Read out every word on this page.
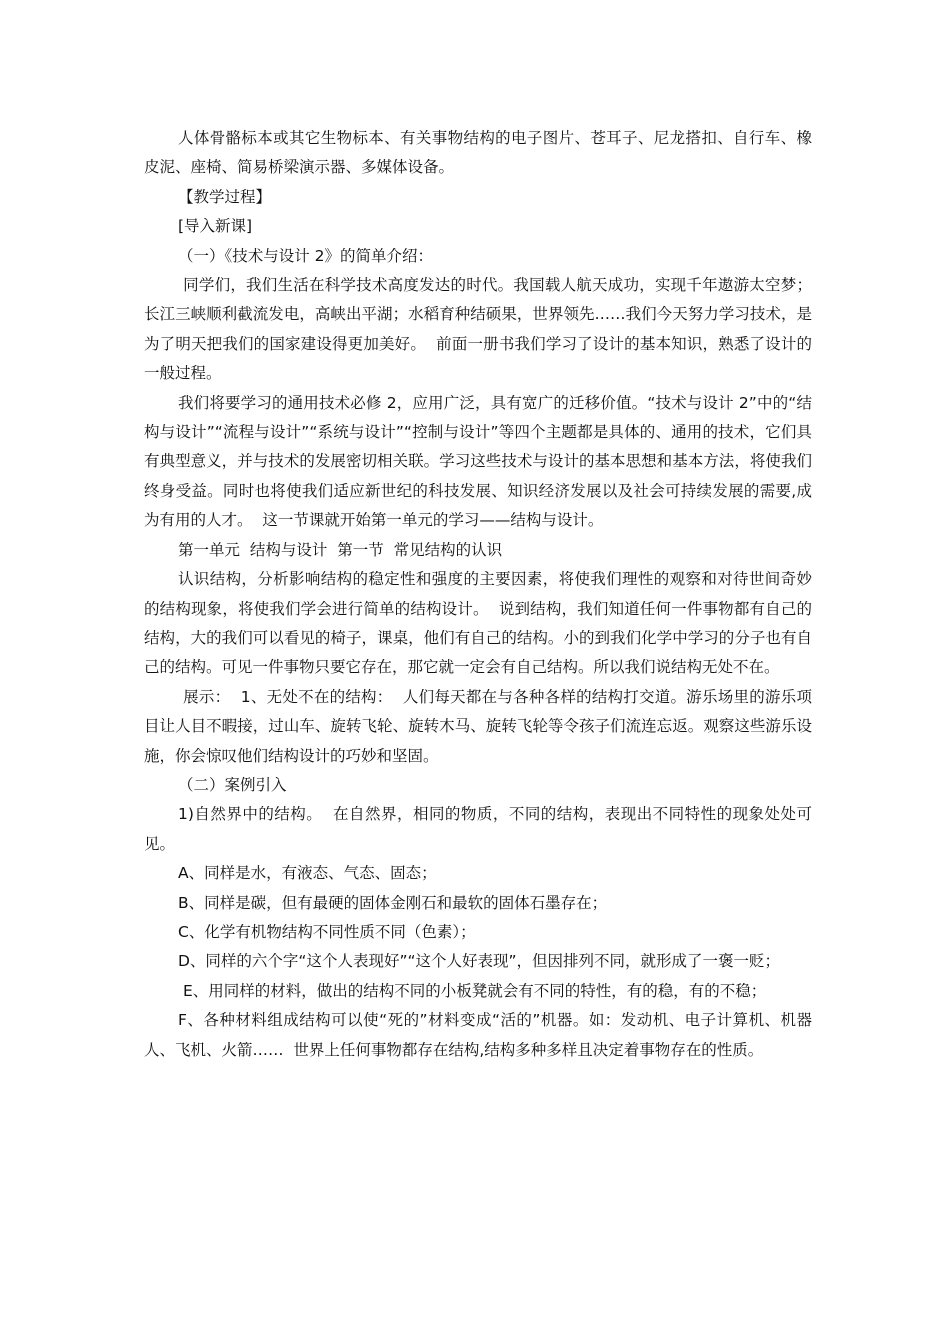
人体骨骼标本或其它生物标本、有关事物结构的电子图片、苍耳子、尼龙搭扣、自行车、橡皮泥、座椅、简易桥梁演示器、多媒体设备。

【教学过程】

[导入新课]

（一）《技术与设计 2》的简单介绍：

同学们，我们生活在科学技术高度发达的时代。我国载人航天成功，实现千年遨游太空梦；长江三峡顺利截流发电，高峡出平湖；水稻育种结硕果，世界领先……我们今天努力学习技术，是为了明天把我们的国家建设得更加美好。  前面一册书我们学习了设计的基本知识，熟悉了设计的一般过程。

我们将要学习的通用技术必修 2，应用广泛，具有宽广的迁移价值。“技术与设计 2”中的“结构与设计”“流程与设计”“系统与设计”“控制与设计”等四个主题都是具体的、通用的技术，它们具有典型意义，并与技术的发展密切相关联。学习这些技术与设计的基本思想和基本方法，将使我们终身受益。同时也将使我们适应新世纪的科技发展、知识经济发展以及社会可持续发展的需要,成为有用的人才。  这一节课就开始第一单元的学习——结构与设计。

第一单元  结构与设计  第一节  常见结构的认识

认识结构，分析影响结构的稳定性和强度的主要因素，将使我们理性的观察和对待世间奇妙的结构现象，将使我们学会进行简单的结构设计。  说到结构，我们知道任何一件事物都有自己的结构，大的我们可以看见的椅子，课桌，他们有自己的结构。小的到我们化学中学习的分子也有自己的结构。可见一件事物只要它存在，那它就一定会有自己结构。所以我们说结构无处不在。

展示：  1、无处不在的结构：  人们每天都在与各种各样的结构打交道。游乐场里的游乐项目让人目不暇接，过山车、旋转飞轮、旋转木马、旋转飞轮等令孩子们流连忘返。观察这些游乐设施，你会惊叹他们结构设计的巧妙和坚固。

（二）案例引入

1)自然界中的结构。  在自然界，相同的物质，不同的结构，表现出不同特性的现象处处可见。

A、同样是水，有液态、气态、固态；

B、同样是碳，但有最硬的固体金刚石和最软的固体石墨存在；

C、化学有机物结构不同性质不同（色素）；

D、同样的六个字“这个人表现好”“这个人好表现”，但因排列不同，就形成了一褒一贬；

E、用同样的材料，做出的结构不同的小板凳就会有不同的特性，有的稳，有的不稳；

F、各种材料组成结构可以使“死的”材料变成“活的”机器。如：发动机、电子计算机、机器人、飞机、火箭……  世界上任何事物都存在结构,结构多种多样且决定着事物存在的性质。
